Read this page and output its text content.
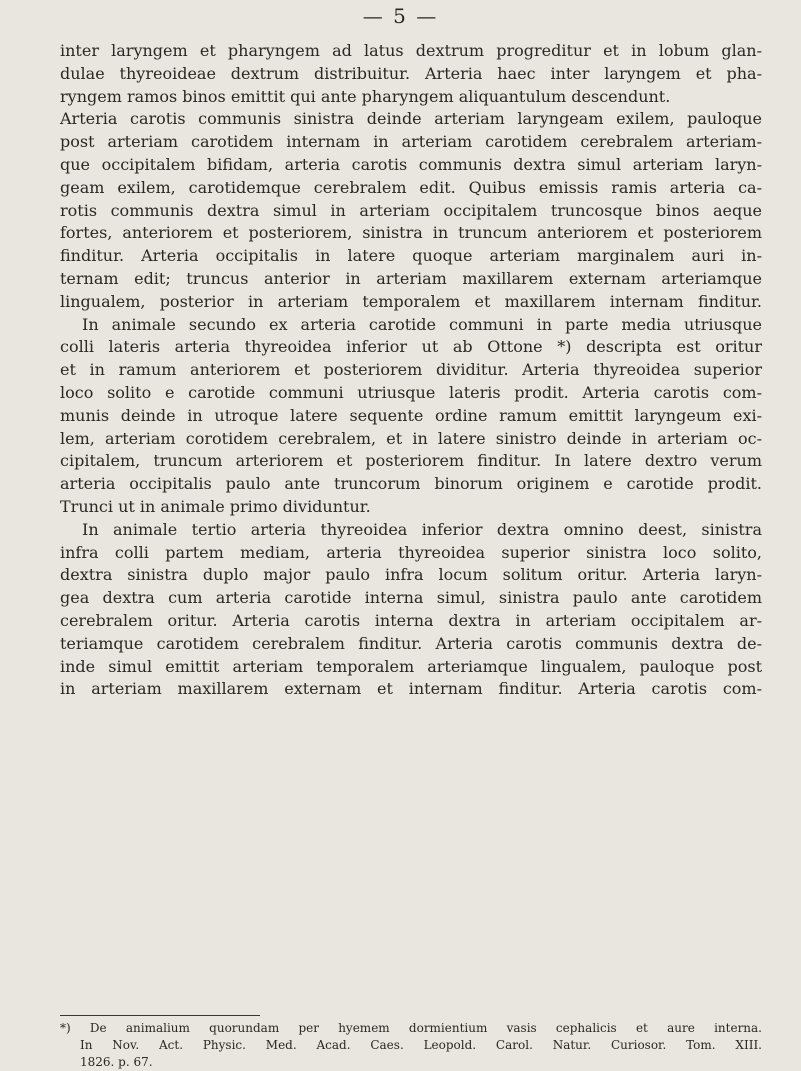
— 5 —
inter laryngem et pharyngem ad latus dextrum progreditur et in lobum glan-
dulae thyreoideae dextrum distribuitur. Arteria haec inter laryngem et pha-
ryngem ramos binos emittit qui ante pharyngem aliquantulum descendunt.
Arteria carotis communis sinistra deinde arteriam laryngeam exilem, pauloque
post arteriam carotidem internam in arteriam carotidem cerebralem arteriam-
que occipitalem bifidam, arteria carotis communis dextra simul arteriam laryn-
geam exilem, carotidemque cerebralem edit. Quibus emissis ramis arteria ca-
rotis communis dextra simul in arteriam occipitalem truncosque binos aeque
fortes, anteriorem et posteriorem, sinistra in truncum anteriorem et posteriorem
finditur. Arteria occipitalis in latere quoque arteriam marginalem auri in-
ternam edit; truncus anterior in arteriam maxillarem externam arteriamque
lingualem, posterior in arteriam temporalem et maxillarem internam finditur.
In animale secundo ex arteria carotide communi in parte media utriusque
colli lateris arteria thyreoidea inferior ut ab Ottone *) descripta est oritur
et in ramum anteriorem et posteriorem dividitur. Arteria thyreoidea superior
loco solito e carotide communi utriusque lateris prodit. Arteria carotis com-
munis deinde in utroque latere sequente ordine ramum emittit laryngeum exi-
lem, arteriam corotidem cerebralem, et in latere sinistro deinde in arteriam oc-
cipitalem, truncum arteriorem et posteriorem finditur. In latere dextro verum
arteria occipitalis paulo ante truncorum binorum originem e carotide prodit.
Trunci ut in animale primo dividuntur.
In animale tertio arteria thyreoidea inferior dextra omnino deest, sinistra
infra colli partem mediam, arteria thyreoidea superior sinistra loco solito,
dextra sinistra duplo major paulo infra locum solitum oritur. Arteria laryn-
gea dextra cum arteria carotide interna simul, sinistra paulo ante carotidem
cerebralem oritur. Arteria carotis interna dextra in arteriam occipitalem ar-
teriamque carotidem cerebralem finditur. Arteria carotis communis dextra de-
inde simul emittit arteriam temporalem arteriamque lingualem, pauloque post
in arteriam maxillarem externam et internam finditur. Arteria carotis com-
*) De animalium quorundam per hyemem dormientium vasis cephalicis et aure interna.
In Nov. Act. Physic. Med. Acad. Caes. Leopold. Carol. Natur. Curiosor. Tom. XIII.
1826. p. 67.
